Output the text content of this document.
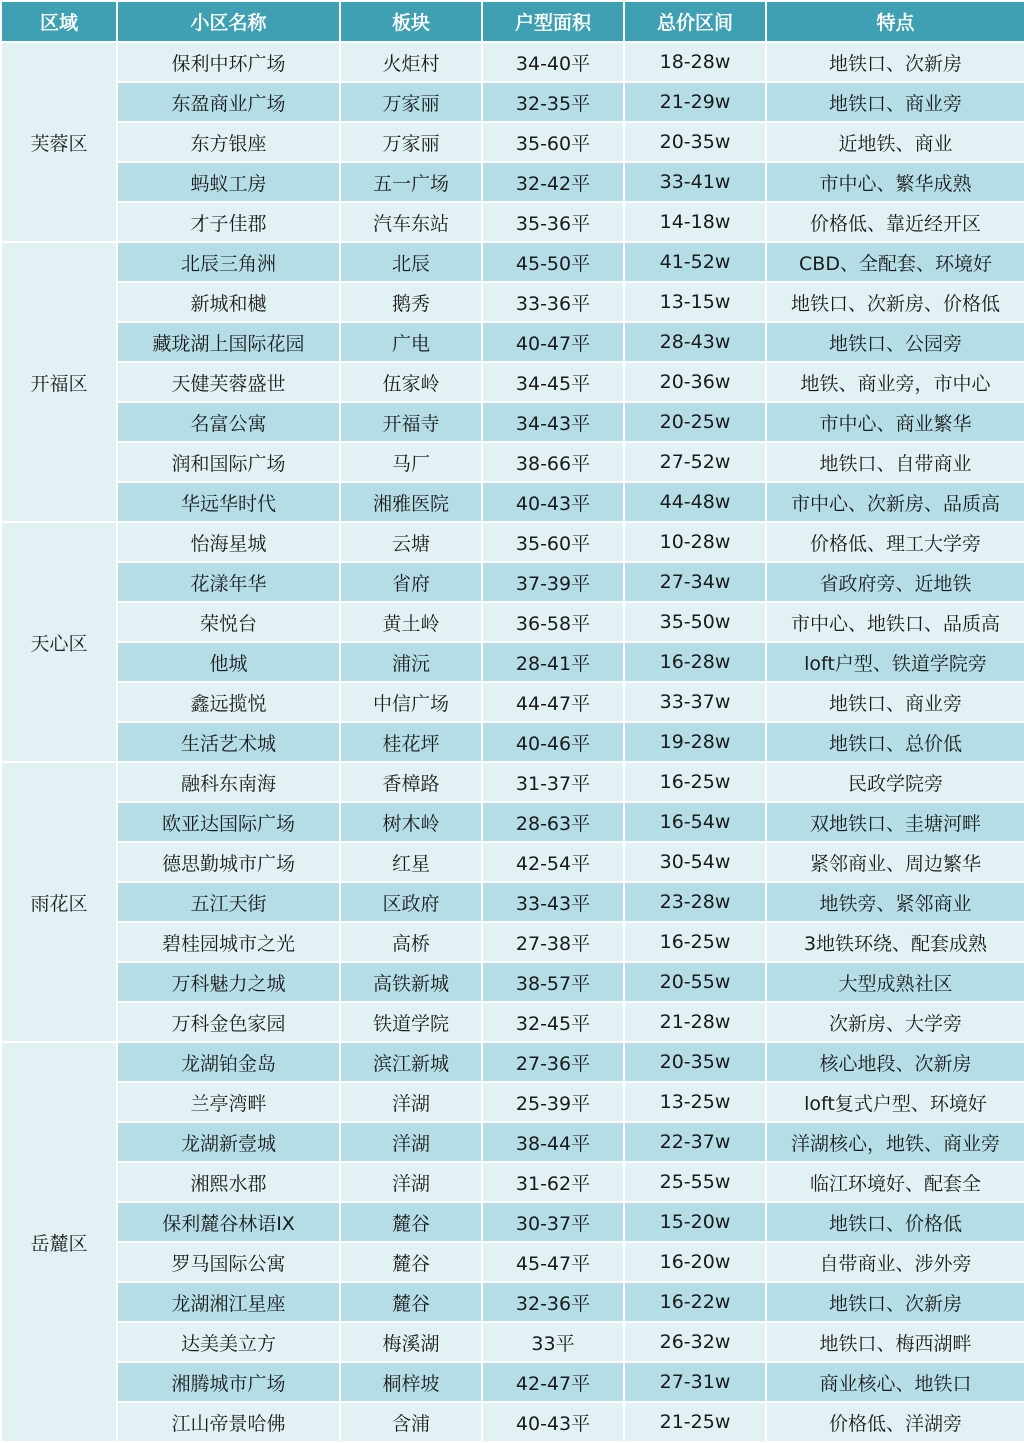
区域	小区名称	板块	户型面积	总价区间	特点
芙蓉区	保利中环广场	火炬村	34-40平	18-28w	地铁口、次新房
	东盈商业广场	万家丽	32-35平	21-29w	地铁口、商业旁
	东方银座	万家丽	35-60平	20-35w	近地铁、商业
	蚂蚁工房	五一广场	32-42平	33-41w	市中心、繁华成熟
	才子佳郡	汽车东站	35-36平	14-18w	价格低、靠近经开区
开福区	北辰三角洲	北辰	45-50平	41-52w	CBD、全配套、环境好
	新城和樾	鹅秀	33-36平	13-15w	地铁口、次新房、价格低
	藏珑湖上国际花园	广电	40-47平	28-43w	地铁口、公园旁
	天健芙蓉盛世	伍家岭	34-45平	20-36w	地铁、商业旁，市中心
	名富公寓	开福寺	34-43平	20-25w	市中心、商业繁华
	润和国际广场	马厂	38-66平	27-52w	地铁口、自带商业
	华远华时代	湘雅医院	40-43平	44-48w	市中心、次新房、品质高
天心区	怡海星城	云塘	35-60平	10-28w	价格低、理工大学旁
	花漾年华	省府	37-39平	27-34w	省政府旁、近地铁
	荣悦台	黄土岭	36-58平	35-50w	市中心、地铁口、品质高
	他城	浦沅	28-41平	16-28w	loft户型、铁道学院旁
	鑫远揽悦	中信广场	44-47平	33-37w	地铁口、商业旁
	生活艺术城	桂花坪	40-46平	19-28w	地铁口、总价低
雨花区	融科东南海	香樟路	31-37平	16-25w	民政学院旁
	欧亚达国际广场	树木岭	28-63平	16-54w	双地铁口、圭塘河畔
	德思勤城市广场	红星	42-54平	30-54w	紧邻商业、周边繁华
	五江天街	区政府	33-43平	23-28w	地铁旁、紧邻商业
	碧桂园城市之光	高桥	27-38平	16-25w	3地铁环绕、配套成熟
	万科魅力之城	高铁新城	38-57平	20-55w	大型成熟社区
	万科金色家园	铁道学院	32-45平	21-28w	次新房、大学旁
岳麓区	龙湖铂金岛	滨江新城	27-36平	20-35w	核心地段、次新房
	兰亭湾畔	洋湖	25-39平	13-25w	loft复式户型、环境好
	龙湖新壹城	洋湖	38-44平	22-37w	洋湖核心，地铁、商业旁
	湘熙水郡	洋湖	31-62平	25-55w	临江环境好、配套全
	保利麓谷林语IX	麓谷	30-37平	15-20w	地铁口、价格低
	罗马国际公寓	麓谷	45-47平	16-20w	自带商业、涉外旁
	龙湖湘江星座	麓谷	32-36平	16-22w	地铁口、次新房
	达美美立方	梅溪湖	33平	26-32w	地铁口、梅西湖畔
	湘腾城市广场	桐梓坡	42-47平	27-31w	商业核心、地铁口
	江山帝景哈佛	含浦	40-43平	21-25w	价格低、洋湖旁
